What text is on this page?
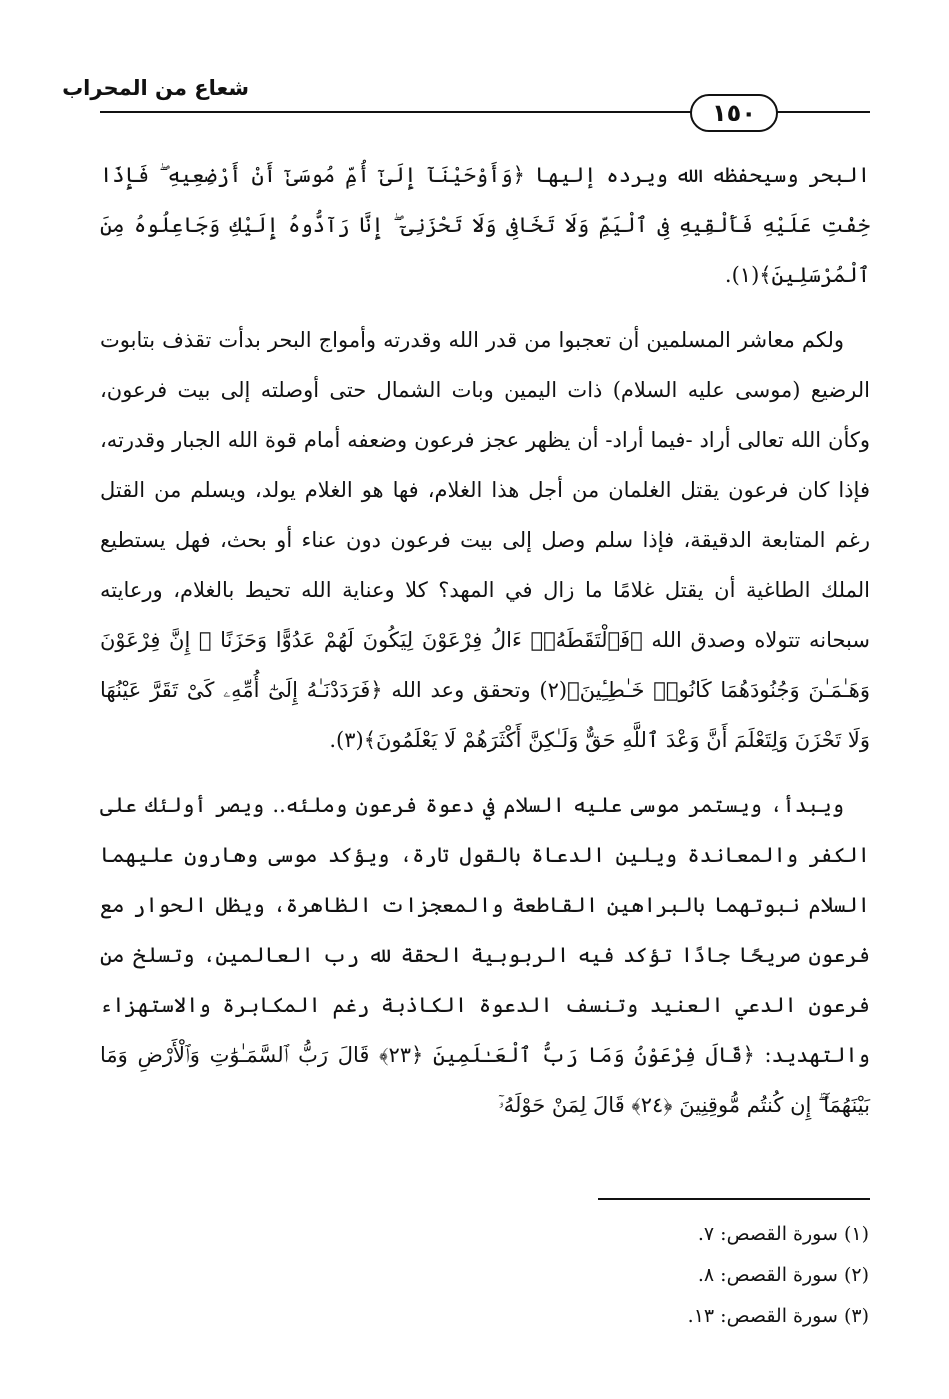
شعاع من المحراب
١٥٠

البحر وسيحفظه الله ويرده إليها ﴿وَأَوْحَيْنَآ إِلَىٰٓ أُمِّ مُوسَىٰٓ أَنْ أَرْضِعِيهِ ۖ فَإِذَا خِفْتِ عَلَيْهِ فَأَلْقِيهِ فِى ٱلْيَمِّ وَلَا تَخَافِى وَلَا تَحْزَنِىٓ ۖ إِنَّا رَآدُّوهُ إِلَيْكِ وَجَاعِلُوهُ مِنَ ٱلْمُرْسَلِينَ﴾(١).

ولكم معاشر المسلمين أن تعجبوا من قدر الله وقدرته وأمواج البحر بدأت تقذف بتابوت الرضيع (موسى عليه السلام) ذات اليمين وبات الشمال حتى أوصلته إلى بيت فرعون، وكأن الله تعالى أراد -فيما أراد- أن يظهر عجز فرعون وضعفه أمام قوة الله الجبار وقدرته، فإذا كان فرعون يقتل الغلمان من أجل هذا الغلام، فها هو الغلام يولد، ويسلم من القتل رغم المتابعة الدقيقة، فإذا سلم وصل إلى بيت فرعون دون عناء أو بحث، فهل يستطيع الملك الطاغية أن يقتل غلامًا ما زال في المهد؟ كلا وعناية الله تحيط بالغلام، ورعايته سبحانه تتولاه وصدق الله ﴿فَٱلْتَقَطَهُۥٓ ءَالُ فِرْعَوْنَ لِيَكُونَ لَهُمْ عَدُوًّا وَحَزَنًا ۗ إِنَّ فِرْعَوْنَ وَهَـٰمَـٰنَ وَجُنُودَهُمَا كَانُوا۟ خَـٰطِـِٔينَ﴾(٢) وتحقق وعد الله ﴿فَرَدَدْنَـٰهُ إِلَىٰٓ أُمِّهِۦ كَىْ تَقَرَّ عَيْنُهَا وَلَا تَحْزَنَ وَلِتَعْلَمَ أَنَّ وَعْدَ ٱللَّهِ حَقٌّ وَلَـٰكِنَّ أَكْثَرَهُمْ لَا يَعْلَمُونَ﴾(٣).

ويبدأ، ويستمر موسى عليه السلام في دعوة فرعون وملئه.. ويصر أولئك على الكفر والمعاندة ويلين الدعاة بالقول تارة، ويؤكد موسى وهارون عليهما السلام نبوتهما بالبراهين القاطعة والمعجزات الظاهرة، ويظل الحوار مع فرعون صريحًا جادًا تؤكد فيه الربوبية الحقة لله رب العالمين، وتسلخ من فرعون الدعي العنيد وتنسف الدعوة الكاذبة رغم المكابرة والاستهزاء والتهديد: ﴿قَالَ فِرْعَوْنُ وَمَا رَبُّ ٱلْعَـٰلَمِينَ ﴿٢٣﴾ قَالَ رَبُّ ٱلسَّمَـٰوَٰتِ وَٱلْأَرْضِ وَمَا بَيْنَهُمَآ ۖ إِن كُنتُم مُّوقِنِينَ ﴿٢٤﴾ قَالَ لِمَنْ حَوْلَهُۥٓ

(١) سورة القصص: ٧.
(٢) سورة القصص: ٨.
(٣) سورة القصص: ١٣.
